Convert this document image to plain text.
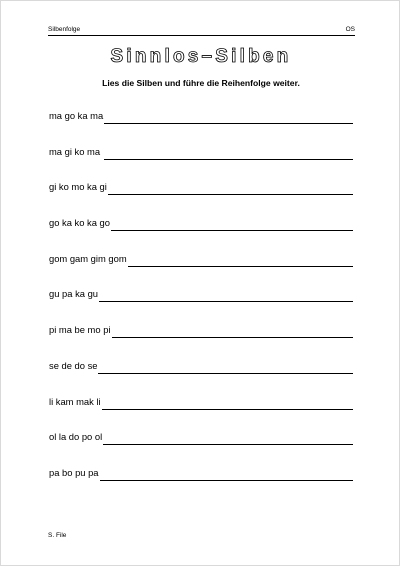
Silbenfolge	OS
Sinnlos–Silben
Lies die Silben und führe die Reihenfolge weiter.
ma go ka ma
ma gi ko ma
gi ko mo ka gi
go ka ko ka go
gom gam gim gom
gu pa ka gu
pi ma be mo pi
se de do se
li kam mak li
ol la do po ol
pa bo pu pa
S. File
